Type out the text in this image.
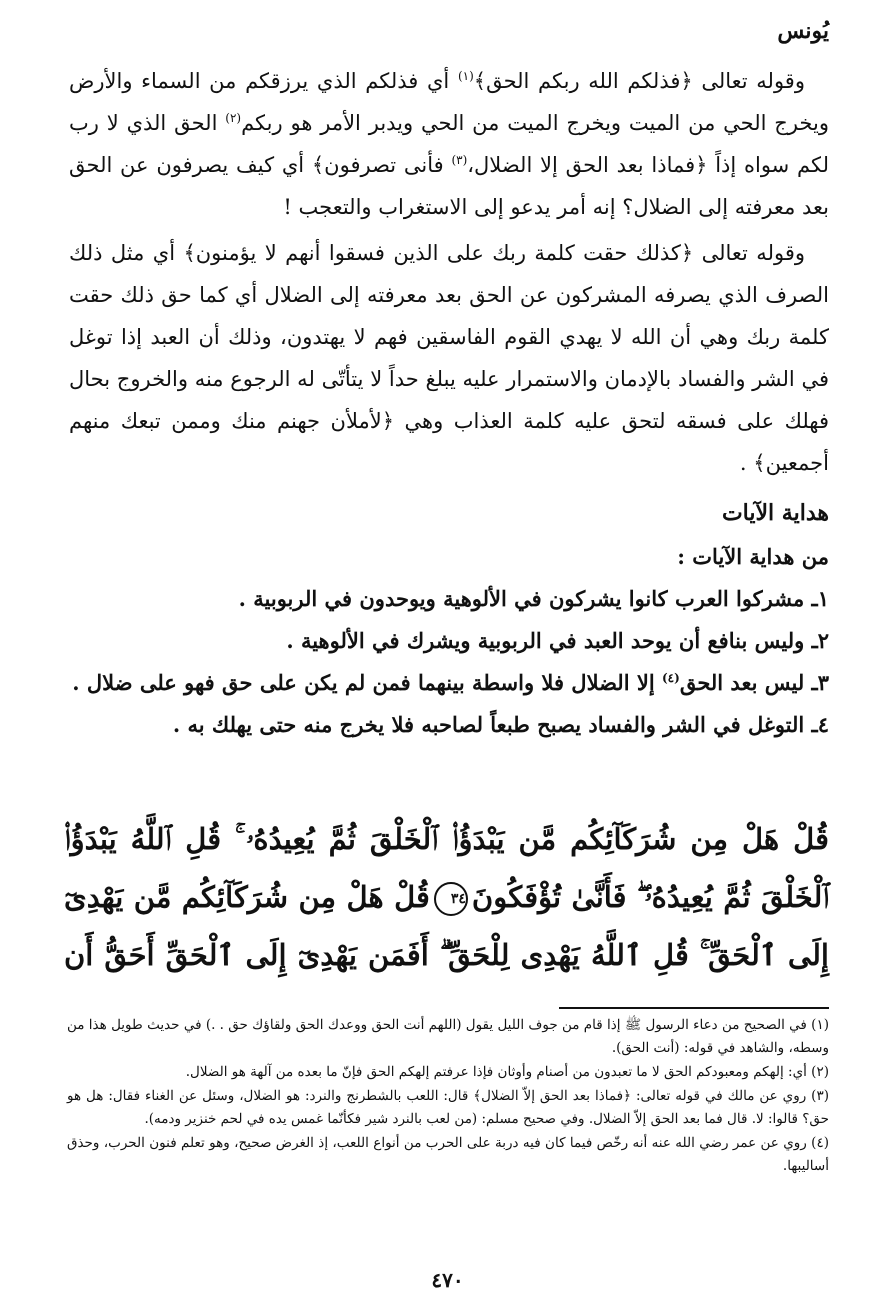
يُونس

وقوله تعالى ﴿فذلكم الله ربكم الحق﴾$^{(١)}$ أي فذلكم الذي يرزقكم من السماء والأرض ويخرج الحي من الميت ويخرج الميت من الحي ويدبر الأمر هو ربكم$^{(٢)}$ الحق الذي لا رب لكم سواه إذاً ﴿فماذا بعد الحق إلا الضلال،$^{(٣)}$ فأنى تصرفون﴾ أي كيف يصرفون عن الحق بعد معرفته إلى الضلال؟ إنه أمر يدعو إلى الاستغراب والتعجب !

وقوله تعالى ﴿كذلك حقت كلمة ربك على الذين فسقوا أنهم لا يؤمنون﴾ أي مثل ذلك الصرف الذي يصرفه المشركون عن الحق بعد معرفته إلى الضلال أي كما حق ذلك حقت كلمة ربك وهي أن الله لا يهدي القوم الفاسقين فهم لا يهتدون، وذلك أن العبد إذا توغل في الشر والفساد بالإدمان والاستمرار عليه يبلغ حداً لا يتأتّى له الرجوع منه والخروج بحال فهلك على فسقه لتحق عليه كلمة العذاب وهي ﴿لأملأن جهنم منك وممن تبعك منهم أجمعين﴾ .

هداية الآيات

من هداية الآيات :

١ـ مشركوا العرب كانوا يشركون في الألوهية ويوحدون في الربوبية .

٢ـ وليس بنافع أن يوحد العبد في الربوبية ويشرك في الألوهية .

٣ـ ليس بعد الحق$^{(٤)}$ إلا الضلال فلا واسطة بينهما فمن لم يكن على حق فهو على ضلال .

٤ـ التوغل في الشر والفساد يصبح طبعاً لصاحبه فلا يخرج منه حتى يهلك به .

قُلْ هَلْ مِن شُرَكَآئِكُم مَّن يَبْدَؤُا۟ ٱلْخَلْقَ ثُمَّ يُعِيدُهُۥ ۚ قُلِ ٱللَّهُ يَبْدَؤُا۟ ٱلْخَلْقَ ثُمَّ يُعِيدُهُۥ ۖ فَأَنَّىٰ تُؤْفَكُونَ٣٤قُلْ هَلْ مِن شُرَكَآئِكُم مَّن يَهْدِىٓ إِلَى ٱلْحَقِّ ۚ قُلِ ٱللَّهُ يَهْدِى لِلْحَقِّ ۗ أَفَمَن يَهْدِىٓ إِلَى ٱلْحَقِّ أَحَقُّ أَن

(١) في الصحيح من دعاء الرسول ﷺ إذا قام من جوف الليل يقول (اللهم أنت الحق ووعدك الحق ولقاؤك حق . .) في حديث طويل هذا من وسطه، والشاهد في قوله: (أنت الحق).

(٢) أي: إلهكم ومعبودكم الحق لا ما تعبدون من أصنام وأوثان فإذا عرفتم إلهكم الحق فإنّ ما بعده من آلهة هو الضلال.

(٣) روي عن مالك في قوله تعالى: ﴿فماذا بعد الحق إلاّ الضلال﴾ قال: اللعب بالشطرنج والنرد: هو الضلال، وسئل عن الغناء فقال: هل هو حق؟ قالوا: لا. قال فما بعد الحق إلاّ الضلال. وفي صحيح مسلم: (من لعب بالنرد شير فكأنّما غمس يده في لحم خنزير ودمه).

(٤) روي عن عمر رضي الله عنه أنه رخّص فيما كان فيه دربة على الحرب من أنواع اللعب، إذ الغرض صحيح، وهو تعلم فنون الحرب، وحذق أساليبها.

٤٧٠
